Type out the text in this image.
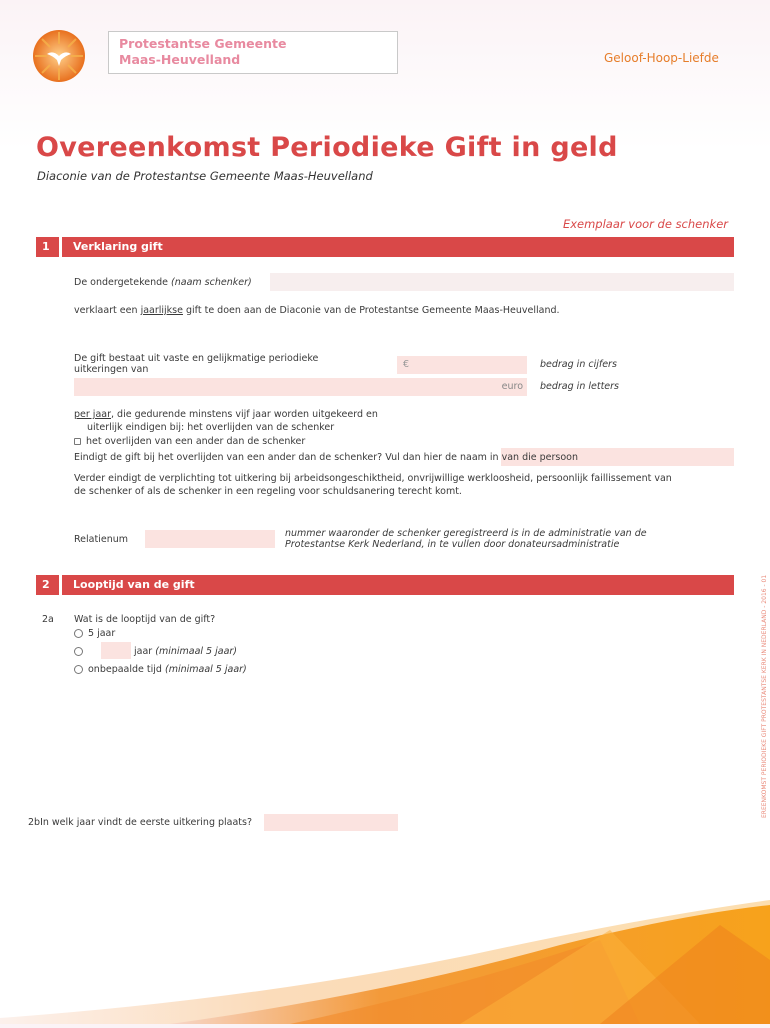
Protestantse Gemeente
Maas-Heuvelland	Geloof-Hoop-Liefde
Overeenkomst Periodieke Gift in geld
Diaconie van de Protestantse Gemeente Maas-Heuvelland
Exemplaar voor de schenker
1	Verklaring gift
De ondergetekende (naam schenker)
verklaart een jaarlijkse gift te doen aan de Diaconie van de Protestantse Gemeente Maas-Heuvelland.
De gift bestaat uit vaste en gelijkmatige periodieke
uitkeringen van	€	bedrag in cijfers
euro bedrag in letters
per jaar, die gedurende minstens vijf jaar worden uitgekeerd en
uiterlijk eindigen bij: het overlijden van de schenker
het overlijden van een ander dan de schenker
Eindigt de gift bij het overlijden van een ander dan de schenker? Vul dan hier de naam in van die persoon
Verder eindigt de verplichting tot uitkering bij arbeidsongeschiktheid, onvrijwillige werkloosheid, persoonlijk faillissement van
de schenker of als de schenker in een regeling voor schuldsanering terecht komt.
Relatienum
nummer waaronder de schenker geregistreerd is in de administratie van de
Protestantse Kerk Nederland, in te vullen door donateursadministratie
2	Looptijd van de gift
2a Wat is de looptijd van de gift?
5 jaar
jaar (minimaal 5 jaar)
onbepaalde tijd (minimaal 5 jaar)
2bIn welk jaar vindt de eerste uitkering plaats?
EREENKOMST PERIODIEKE GIFT PROTESTANTSE KERK IN NEDERLAND - 2016 - 01
